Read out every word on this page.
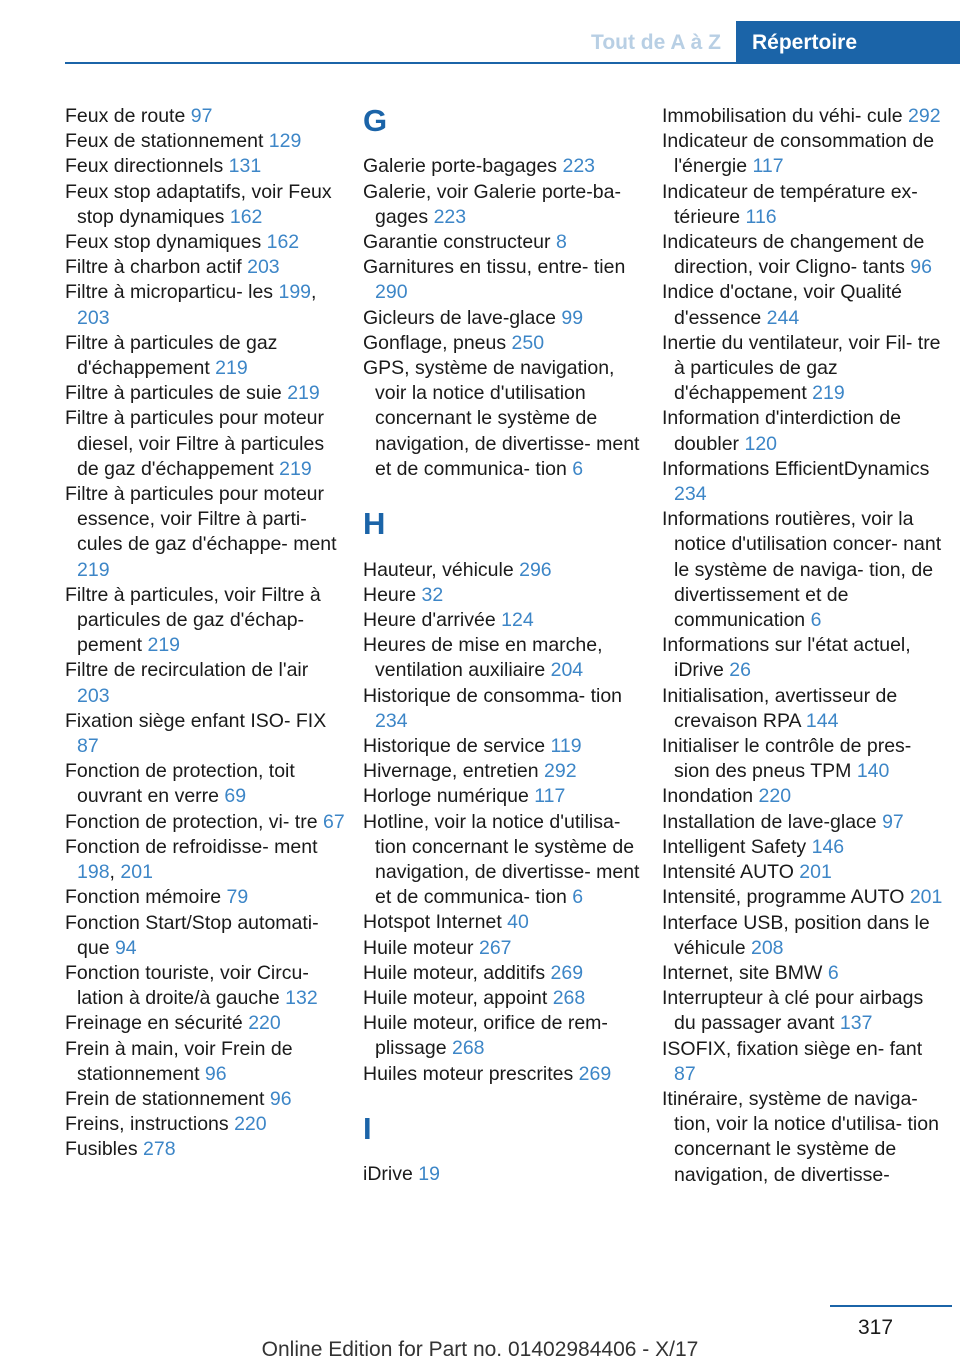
Tout de A à Z	Répertoire
Feux de route 97
Feux de stationnement 129
Feux directionnels 131
Feux stop adaptatifs, voir Feux stop dynamiques 162
Feux stop dynamiques 162
Filtre à charbon actif 203
Filtre à microparticu- les 199, 203
Filtre à particules de gaz d'échappement 219
Filtre à particules de suie 219
Filtre à particules pour moteur diesel, voir Filtre à particules de gaz d'échappement 219
Filtre à particules pour moteur essence, voir Filtre à parti- cules de gaz d'échappe- ment 219
Filtre à particules, voir Filtre à particules de gaz d'échap- pement 219
Filtre de recirculation de l'air 203
Fixation siège enfant ISO- FIX 87
Fonction de protection, toit ouvrant en verre 69
Fonction de protection, vi- tre 67
Fonction de refroidisse- ment 198, 201
Fonction mémoire 79
Fonction Start/Stop automati- que 94
Fonction touriste, voir Circu- lation à droite/à gauche 132
Freinage en sécurité 220
Frein à main, voir Frein de stationnement 96
Frein de stationnement 96
Freins, instructions 220
Fusibles 278
G
Galerie porte-bagages 223
Galerie, voir Galerie porte-ba- gages 223
Garantie constructeur 8
Garnitures en tissu, entre- tien 290
Gicleurs de lave-glace 99
Gonflage, pneus 250
GPS, système de navigation, voir la notice d'utilisation concernant le système de navigation, de divertisse- ment et de communica- tion 6
H
Hauteur, véhicule 296
Heure 32
Heure d'arrivée 124
Heures de mise en marche, ventilation auxiliaire 204
Historique de consomma- tion 234
Historique de service 119
Hivernage, entretien 292
Horloge numérique 117
Hotline, voir la notice d'utilisa- tion concernant le système de navigation, de divertisse- ment et de communica- tion 6
Hotspot Internet 40
Huile moteur 267
Huile moteur, additifs 269
Huile moteur, appoint 268
Huile moteur, orifice de rem- plissage 268
Huiles moteur prescrites 269
I
iDrive 19
Immobilisation du véhi- cule 292
Indicateur de consommation de l'énergie 117
Indicateur de température ex- térieure 116
Indicateurs de changement de direction, voir Cligno- tants 96
Indice d'octane, voir Qualité d'essence 244
Inertie du ventilateur, voir Fil- tre à particules de gaz d'échappement 219
Information d'interdiction de doubler 120
Informations EfficientDynamics 234
Informations routières, voir la notice d'utilisation concer- nant le système de naviga- tion, de divertissement et de communication 6
Informations sur l'état actuel, iDrive 26
Initialisation, avertisseur de crevaison RPA 144
Initialiser le contrôle de pres- sion des pneus TPM 140
Inondation 220
Installation de lave-glace 97
Intelligent Safety 146
Intensité AUTO 201
Intensité, programme AUTO 201
Interface USB, position dans le véhicule 208
Internet, site BMW 6
Interrupteur à clé pour airbags du passager avant 137
ISOFIX, fixation siège en- fant 87
Itinéraire, système de naviga- tion, voir la notice d'utilisa- tion concernant le système de navigation, de divertisse-
317
Online Edition for Part no. 01402984406 - X/17
